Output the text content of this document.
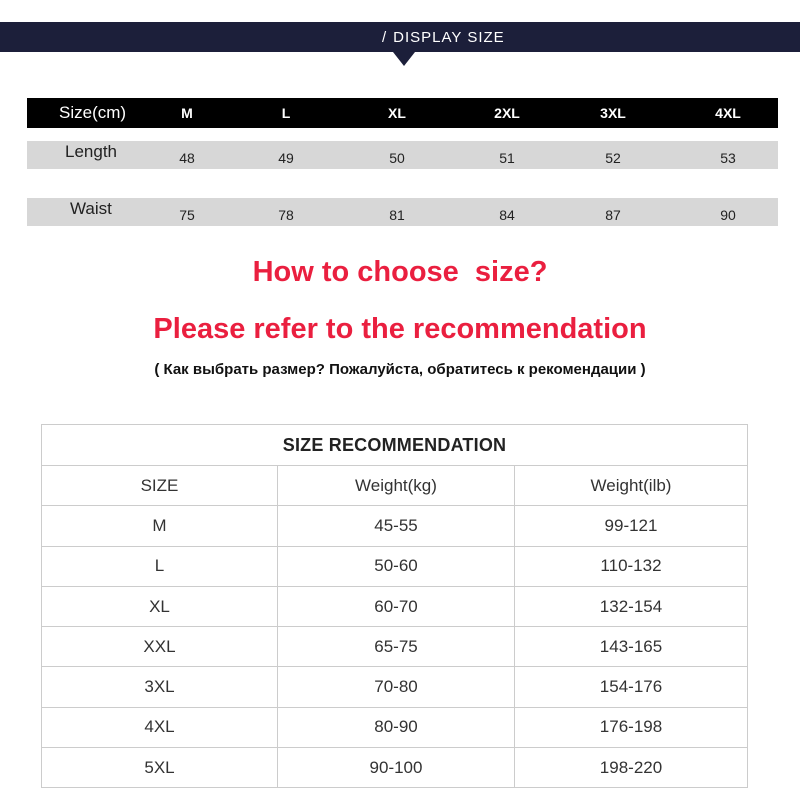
/ DISPLAY SIZE
Size(cm)	M	L	XL	2XL	3XL	4XL
Length	48	49	50	51	52	53
Waist	75	78	81	84	87	90
How to choose  size?
Please refer to the recommendation
( Как выбрать размер? Пожалуйста, обратитесь к рекомендации )
SIZE RECOMMENDATION
SIZE	Weight(kg)	Weight(ilb)
M	45-55	99-121
L	50-60	110-132
XL	60-70	132-154
XXL	65-75	143-165
3XL	70-80	154-176
4XL	80-90	176-198
5XL	90-100	198-220
